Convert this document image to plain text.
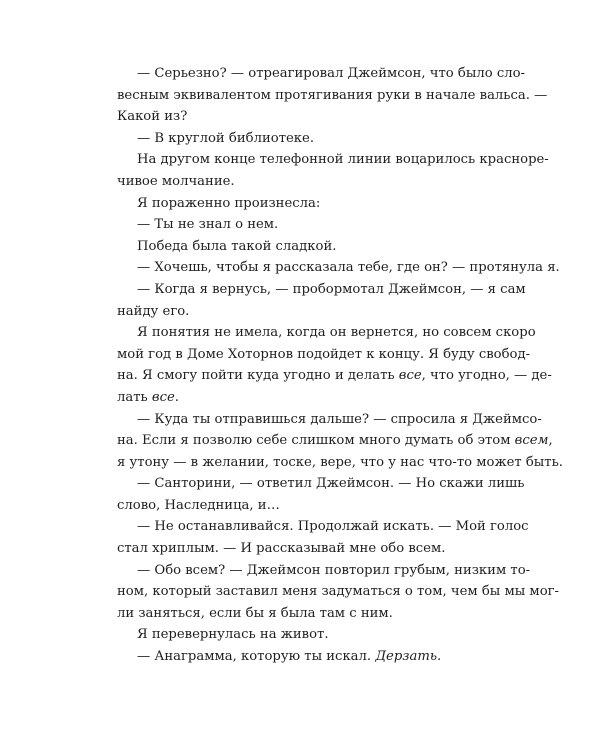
— Серьезно? — отреагировал Джеймсон, что было сло-
весным эквивалентом протягивания руки в начале вальса. —
Какой из?
— В круглой библиотеке.
На другом конце телефонной линии воцарилось красноре-
чивое молчание.
Я пораженно произнесла:
— Ты не знал о нем.
Победа была такой сладкой.
— Хочешь, чтобы я рассказала тебе, где он? — протянула я.
— Когда я вернусь, — пробормотал Джеймсон, — я сам
найду его.
Я понятия не имела, когда он вернется, но совсем скоро
мой год в Доме Хоторнов подойдет к концу. Я буду свобод-
на. Я смогу пойти куда угодно и делать все, что угодно, — де-
лать все.
— Куда ты отправишься дальше? — спросила я Джеймсо-
на. Если я позволю себе слишком много думать об этом всем,
я утону — в желании, тоске, вере, что у нас что-то может быть.
— Санторини, — ответил Джеймсон. — Но скажи лишь
слово, Наследница, и…
— Не останавливайся. Продолжай искать. — Мой голос
стал хриплым. — И рассказывай мне обо всем.
— Обо всем? — Джеймсон повторил грубым, низким то-
ном, который заставил меня задуматься о том, чем бы мы мог-
ли заняться, если бы я была там с ним.
Я перевернулась на живот.
— Анаграмма, которую ты искал. Дерзать.
